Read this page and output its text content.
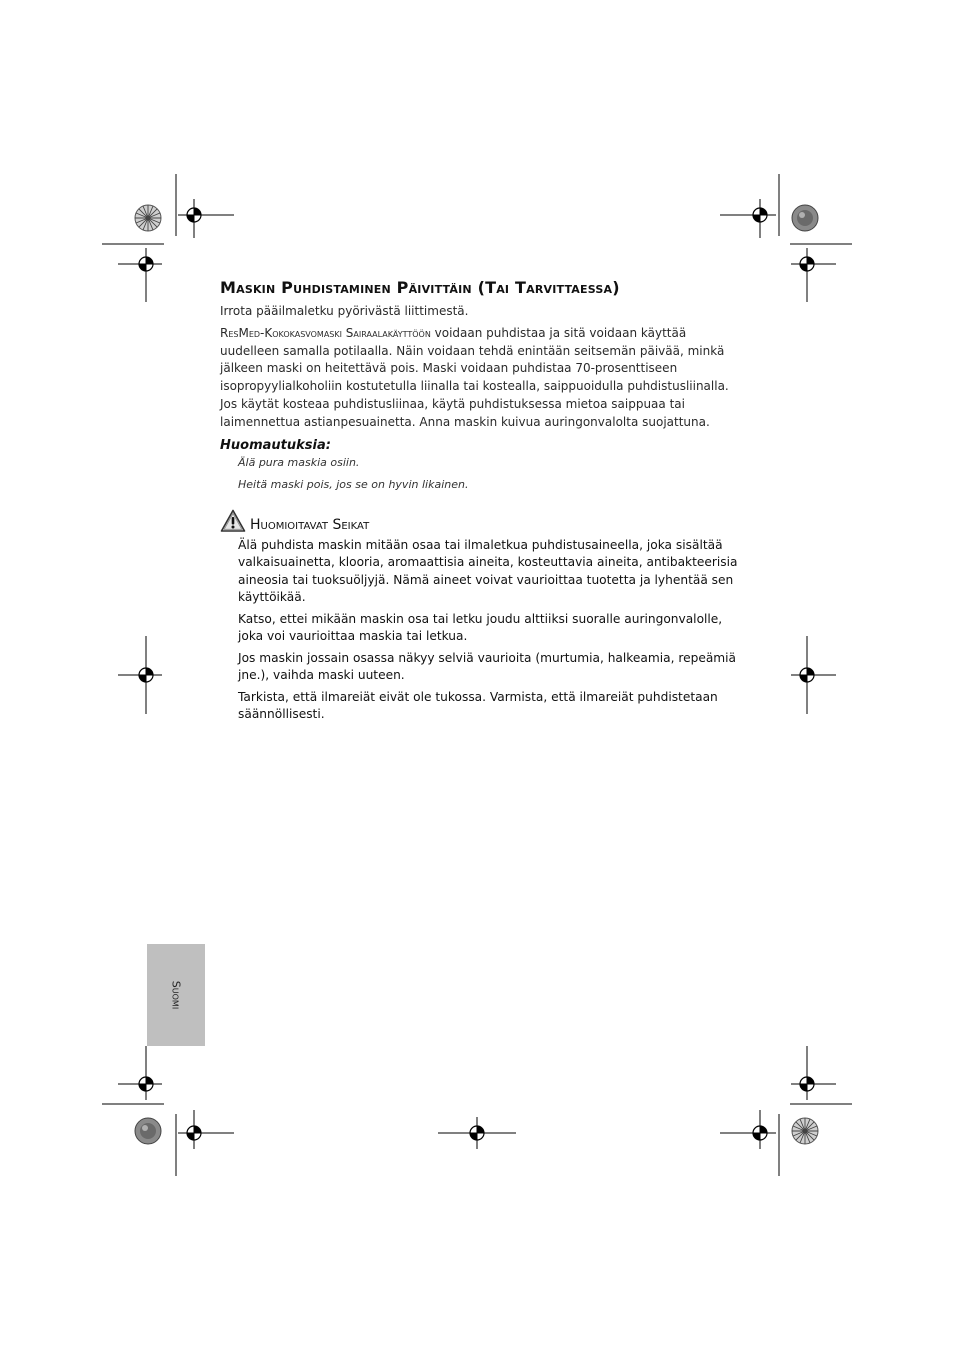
Maskin Puhdistaminen Päivittäin (Tai Tarvittaessa)

Irrota pääilmaletku pyörivästä liittimestä.

ResMed-Kokokasvomaski Sairaalakäyttöön voidaan puhdistaa ja sitä voidaan käyttää uudelleen samalla potilaalla. Näin voidaan tehdä enintään seitsemän päivää, minkä jälkeen maski on heitettävä pois. Maski voidaan puhdistaa 70-prosenttiseen isopropyylialkoholiin kostutetulla liinalla tai kostealla, saippuoidulla puhdistusliinalla. Jos käytät kosteaa puhdistusliinaa, käytä puhdistuksessa mietoa saippuaa tai laimennettua astianpesuainetta. Anna maskin kuivua auringonvalolta suojattuna.

Huomautuksia:
Älä pura maskia osiin.
Heitä maski pois, jos se on hyvin likainen.
Huomioitavat Seikat

Älä puhdista maskin mitään osaa tai ilmaletkua puhdistusaineella, joka sisältää valkaisuainetta, klooria, aromaattisia aineita, kosteuttavia aineita, antibakteerisia aineosia tai tuoksuöljyjä. Nämä aineet voivat vaurioittaa tuotetta ja lyhentää sen käyttöikää.

Katso, ettei mikään maskin osa tai letku joudu alttiiksi suoralle auringonvalolle, joka voi vaurioittaa maskia tai letkua.

Jos maskin jossain osassa näkyy selviä vaurioita (murtumia, halkeamia, repeämiä jne.), vaihda maski uuteen.

Tarkista, että ilmareiät eivät ole tukossa. Varmista, että ilmareiät puhdistetaan säännöllisesti.

Suomi
